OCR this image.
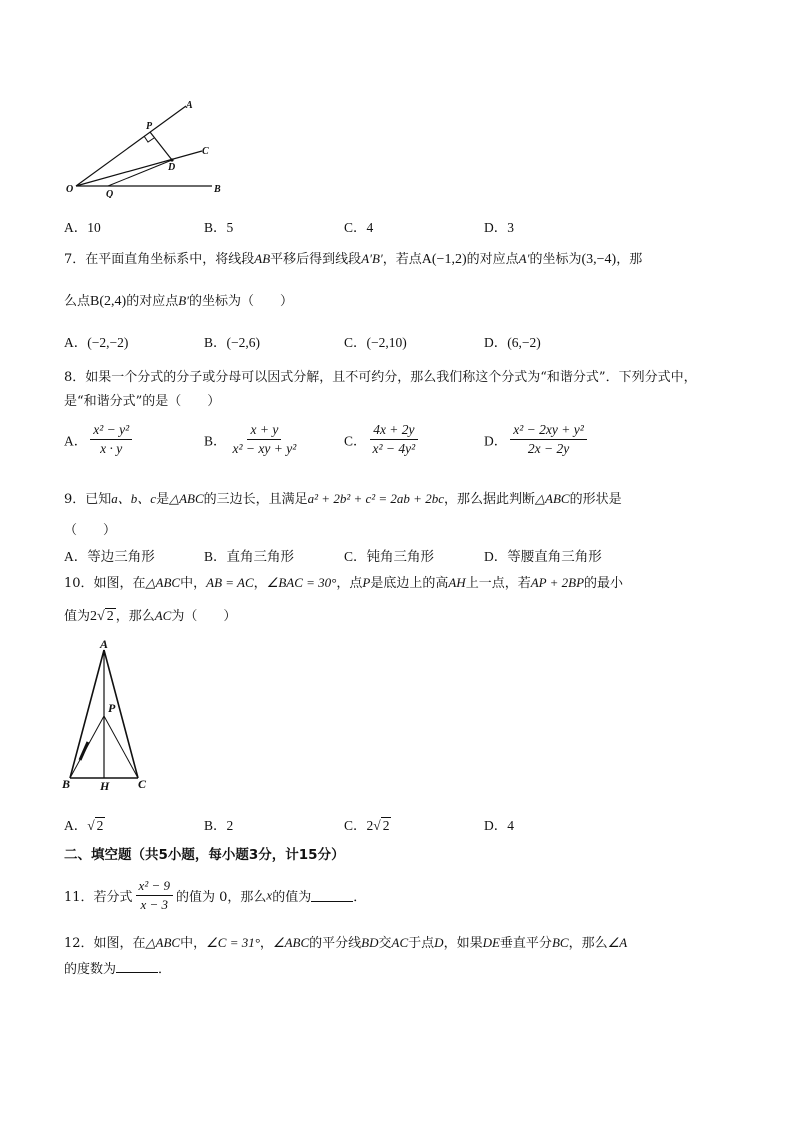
A
P
C
D
O	Q	B
A．10	B．5	C．4	D．3
7．在平面直角坐标系中，将线段AB平移后得到线段A′B′，若点A(−1,2)的对应点A′的坐标为(3,−4)，那
么点B(2,4)的对应点B′的坐标为（　　）
A．(−2,−2)	B．(−2,6)	C．(−2,10)	D．(6,−2)
8．如果一个分式的分子或分母可以因式分解，且不可约分，那么我们称这个分式为“和谐分式”．下列分式中，
是“和谐分式”的是（　　）
A． $\frac{\text{x² − y²}}{x \cdot y}$	B． $\frac{x + y}{\text{x² − xy + y²}}$	C． $\frac{4x + 2y}{\text{x² − 4y²}}$	D． $\frac{\text{x² − 2xy + y²}}{2x - 2y}$
9．已知a、b、c是△ABC的三边长，且满足a² + 2b² + c² = 2ab + 2bc，那么据此判断△ABC的形状是
（　　）
A．等边三角形	B．直角三角形	C．钝角三角形	D．等腰直角三角形
10．如图，在△ABC中，AB = AC，∠BAC = 30°，点P是底边上的高AH上一点，若AP + 2BP的最小
值为2√ 2 ，那么AC为（　　）
A
P
B H C
A．√ 2	B．2	C．2√ 2	D．4
二、填空题（共5小题，每小题3分，计15分）
11．若分式 $\frac{\text{x² − 9}}{x - 3}$ 的值为 0，那么x的值为	．
12．如图，在△ABC中，∠C = 31°，∠ABC的平分线BD交AC于点D，如果DE垂直平分BC，那么∠A
的度数为	．
